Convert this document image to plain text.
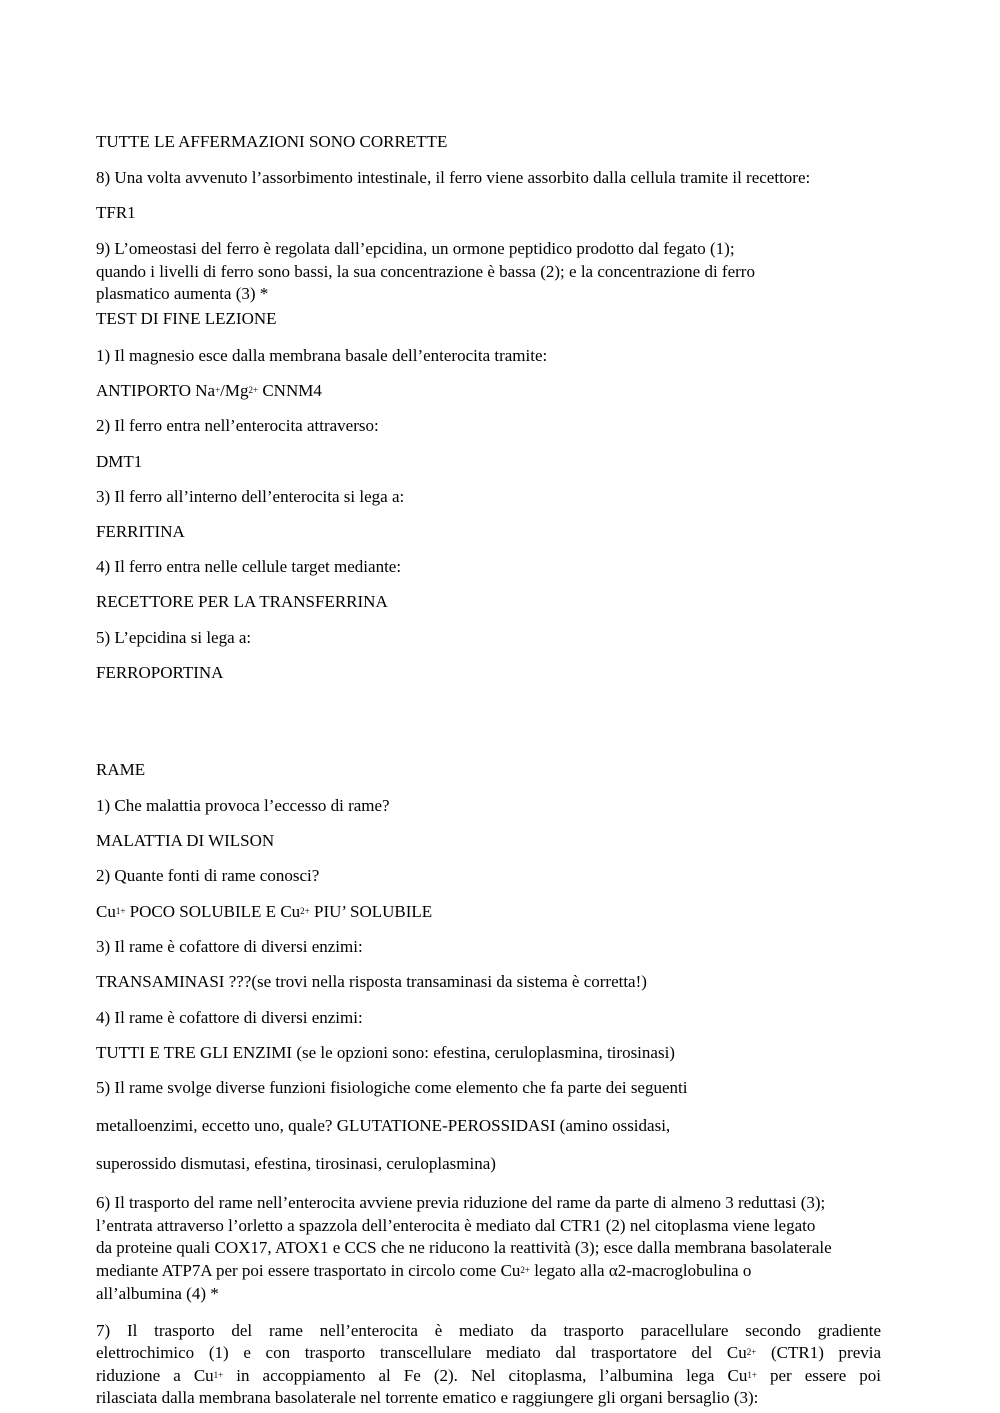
TUTTE LE AFFERMAZIONI SONO CORRETTE

8) Una volta avvenuto l’assorbimento intestinale, il ferro viene assorbito dalla cellula tramite il recettore:

TFR1

9) L’omeostasi del ferro è regolata dall’epcidina, un ormone peptidico prodotto dal fegato (1);
quando i livelli di ferro sono bassi, la sua concentrazione è bassa (2); e la concentrazione di ferro
plasmatico aumenta (3) *

TEST DI FINE LEZIONE

1) Il magnesio esce dalla membrana basale dell’enterocita tramite:

ANTIPORTO $Na^+/Mg^{2+}$ CNNM4

2) Il ferro entra nell’enterocita attraverso:

DMT1

3) Il ferro all’interno dell’enterocita si lega a:

FERRITINA

4) Il ferro entra nelle cellule target mediante:

RECETTORE PER LA TRANSFERRINA

5) L’epcidina si lega a:

FERROPORTINA

RAME

1) Che malattia provoca l’eccesso di rame?

MALATTIA DI WILSON

2) Quante fonti di rame conosci?

$Cu^{1+}$ POCO SOLUBILE E $Cu^{2+}$ PIU’ SOLUBILE

3) Il rame è cofattore di diversi enzimi:

TRANSAMINASI ???(se trovi nella risposta transaminasi da sistema è corretta!)

4) Il rame è cofattore di diversi enzimi:

TUTTI E TRE GLI ENZIMI (se le opzioni sono: efestina, ceruloplasmina, tirosinasi)

5) Il rame svolge diverse funzioni fisiologiche come elemento che fa parte dei seguenti

metalloenzimi, eccetto uno, quale? GLUTATIONE-PEROSSIDASI (amino ossidasi,

superossido dismutasi, efestina, tirosinasi, ceruloplasmina)

6) Il trasporto del rame nell’enterocita avviene previa riduzione del rame da parte di almeno 3 reduttasi (3);
l’entrata attraverso l’orletto a spazzola dell’enterocita è mediato dal CTR1 (2) nel citoplasma viene legato
da proteine quali COX17, ATOX1 e CCS che ne riducono la reattività (3); esce dalla membrana basolaterale
mediante ATP7A per poi essere trasportato in circolo come $Cu^{2+}$ legato alla α2-macroglobulina o
all’albumina (4) *
7) Il trasporto del rame nell’enterocita è mediato da trasporto paracellulare secondo gradiente
elettrochimico (1) e con trasporto transcellulare mediato dal trasportatore del $Cu^{2+}$ (CTR1) previa
riduzione a $Cu^{1+}$ in accoppiamento al Fe (2). Nel citoplasma, l’albumina lega $Cu^{1+}$ per essere poi
rilasciata dalla membrana basolaterale nel torrente ematico e raggiungere gli organi bersaglio (3):
